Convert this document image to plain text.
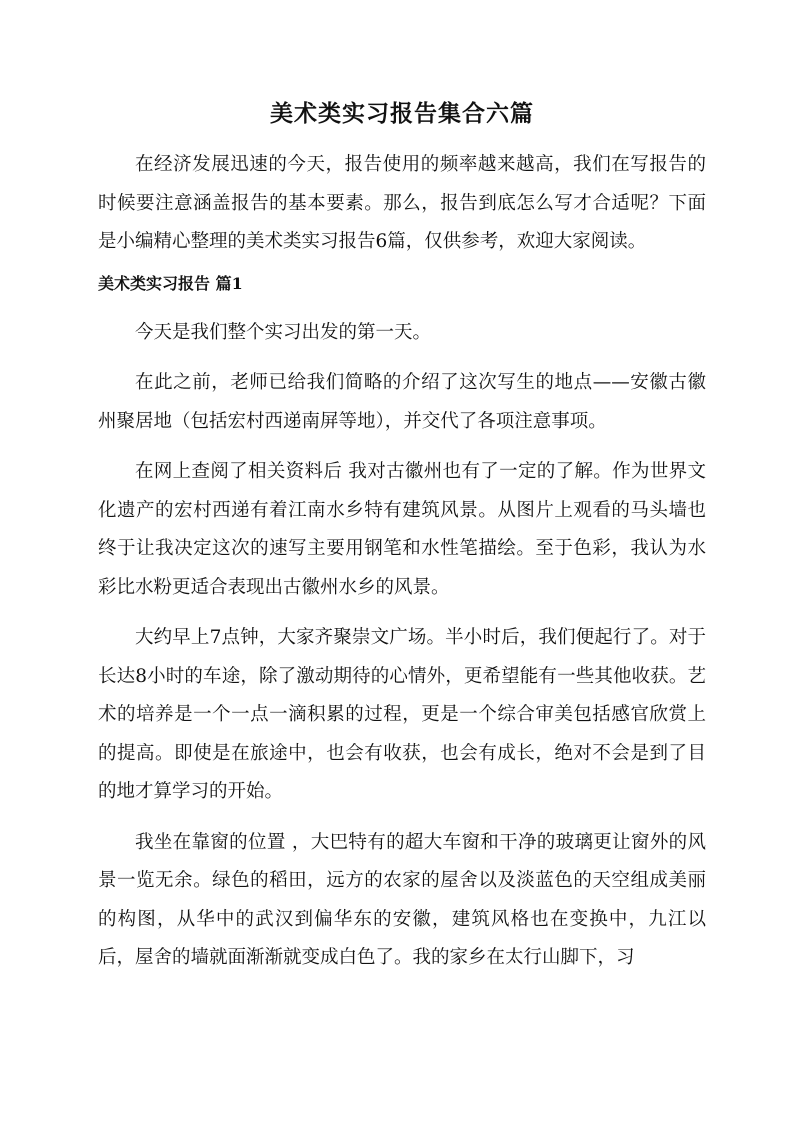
美术类实习报告集合六篇

在经济发展迅速的今天，报告使用的频率越来越高，我们在写报告的时候要注意涵盖报告的基本要素。那么，报告到底怎么写才合适呢？下面是小编精心整理的美术类实习报告6篇，仅供参考，欢迎大家阅读。

美术类实习报告 篇1

今天是我们整个实习出发的第一天。

在此之前，老师已给我们简略的介绍了这次写生的地点——安徽古徽州聚居地（包括宏村西递南屏等地），并交代了各项注意事项。

在网上查阅了相关资料后 我对古徽州也有了一定的了解。作为世界文化遗产的宏村西递有着江南水乡特有建筑风景。从图片上观看的马头墙也终于让我决定这次的速写主要用钢笔和水性笔描绘。至于色彩，我认为水彩比水粉更适合表现出古徽州水乡的风景。

大约早上7点钟，大家齐聚崇文广场。半小时后，我们便起行了。对于长达8小时的车途，除了激动期待的心情外，更希望能有一些其他收获。艺术的培养是一个一点一滴积累的过程，更是一个综合审美包括感官欣赏上的提高。即使是在旅途中，也会有收获，也会有成长，绝对不会是到了目的地才算学习的开始。

我坐在靠窗的位置 ，大巴特有的超大车窗和干净的玻璃更让窗外的风景一览无余。绿色的稻田，远方的农家的屋舍以及淡蓝色的天空组成美丽的构图，从华中的武汉到偏华东的安徽，建筑风格也在变换中，九江以后，屋舍的墙就面渐渐就变成白色了。我的家乡在太行山脚下，习
